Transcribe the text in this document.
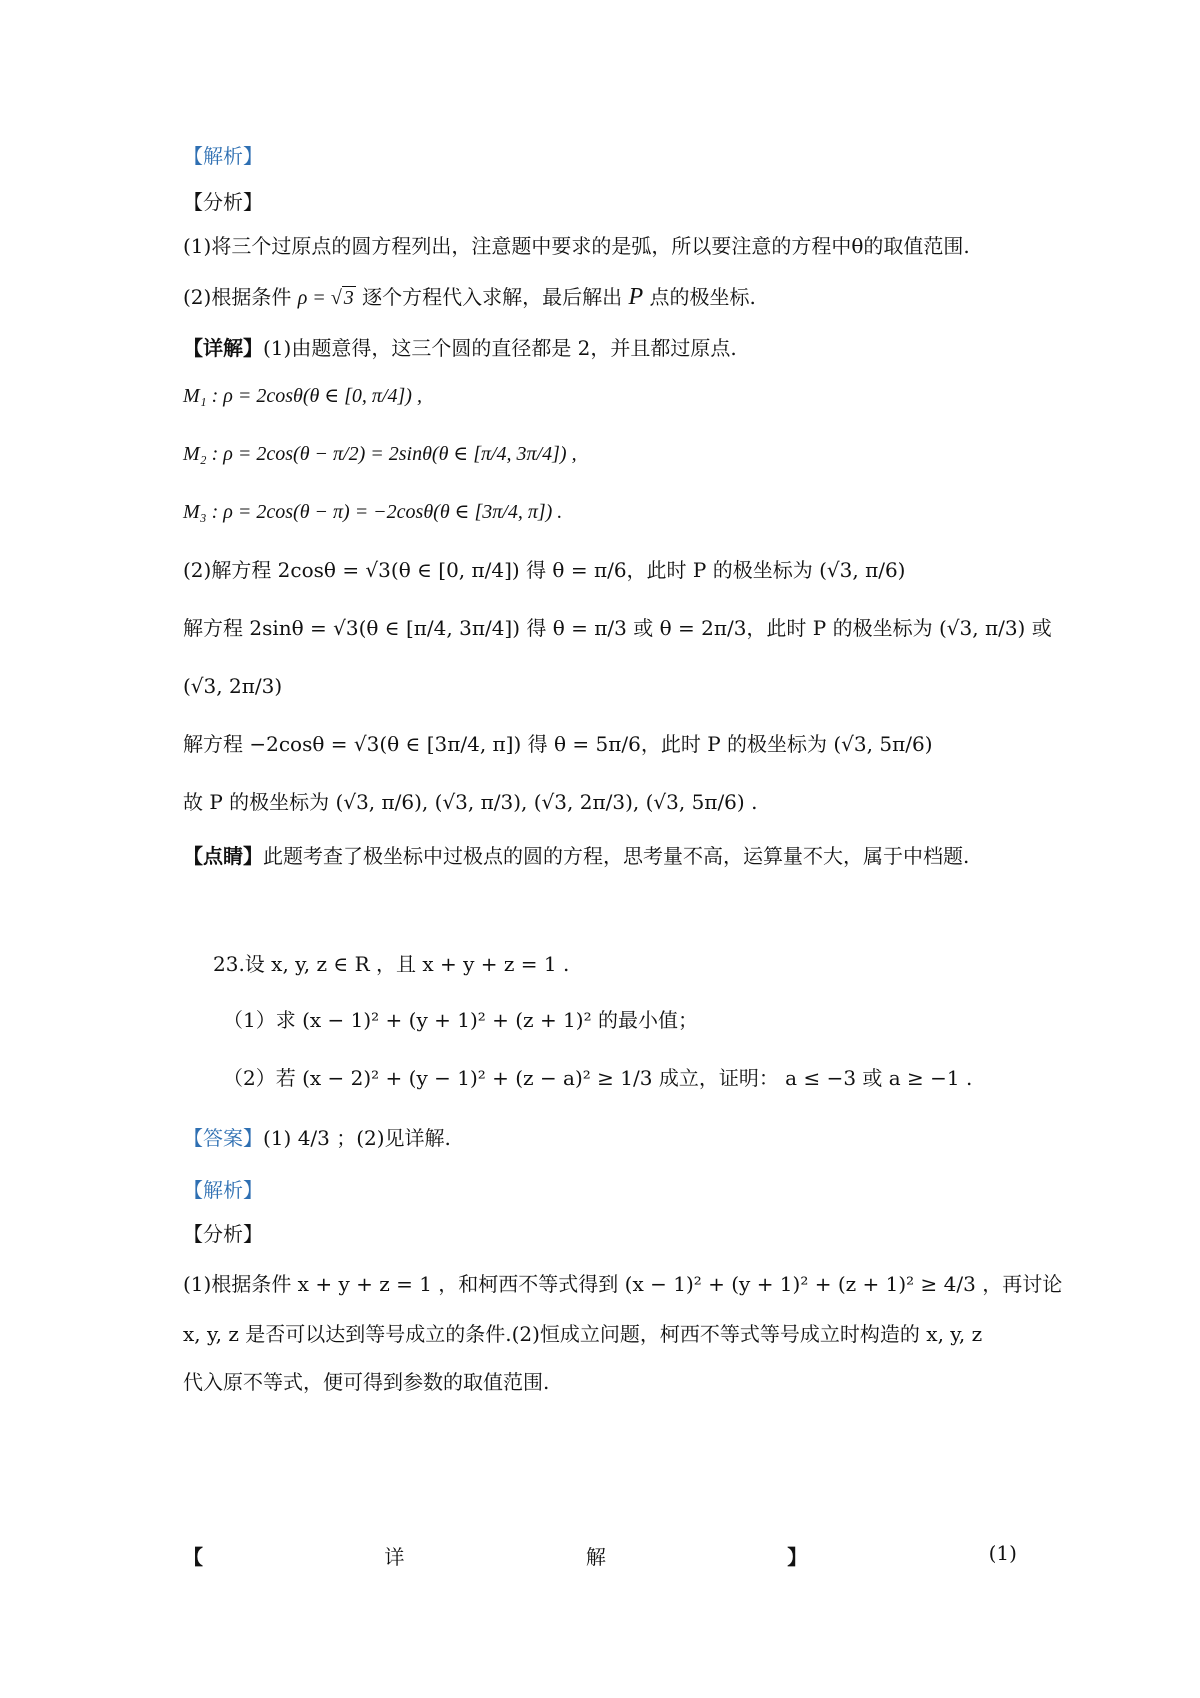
【解析】
【分析】
(1)将三个过原点的圆方程列出，注意题中要求的是弧，所以要注意的方程中θ的取值范围.
(2)根据条件 ρ = √ 3 逐个方程代入求解，最后解出 P 点的极坐标.
【详解】(1)由题意得，这三个圆的直径都是 2，并且都过原点.
M₁ : ρ = 2cosθ(θ ∈ [0, π/4]) ,
M₂ : ρ = 2cos(θ − π/2) = 2sinθ(θ ∈ [π/4, 3π/4]) ,
M₃ : ρ = 2cos(θ − π) = −2cosθ(θ ∈ [3π/4, π]) .
(2)解方程 2cosθ = √3(θ ∈ [0, π/4]) 得 θ = π/6，此时 P 的极坐标为 (√3, π/6)
解方程 2sinθ = √3(θ ∈ [π/4, 3π/4]) 得 θ = π/3 或 θ = 2π/3，此时 P 的极坐标为 (√3, π/3) 或
(√3, 2π/3)
解方程 −2cosθ = √3(θ ∈ [3π/4, π]) 得 θ = 5π/6，此时 P 的极坐标为 (√3, 5π/6)
故 P 的极坐标为 (√3, π/6), (√3, π/3), (√3, 2π/3), (√3, 5π/6) .
【点睛】此题考查了极坐标中过极点的圆的方程，思考量不高，运算量不大，属于中档题.
23.设 x, y, z ∈ R ，且 x + y + z = 1 .
（1）求 (x − 1)² + (y + 1)² + (z + 1)² 的最小值；
（2）若 (x − 2)² + (y − 1)² + (z − a)² ≥ 1/3 成立，证明： a ≤ −3 或 a ≥ −1 .
【答案】(1) 4/3 ；(2)见详解.
【解析】
【分析】
(1)根据条件 x + y + z = 1 ，和柯西不等式得到 (x − 1)² + (y + 1)² + (z + 1)² ≥ 4/3 ，再讨论
x, y, z 是否可以达到等号成立的条件.(2)恒成立问题，柯西不等式等号成立时构造的 x, y, z
代入原不等式，便可得到参数的取值范围.
【	详	解	】	(1)
